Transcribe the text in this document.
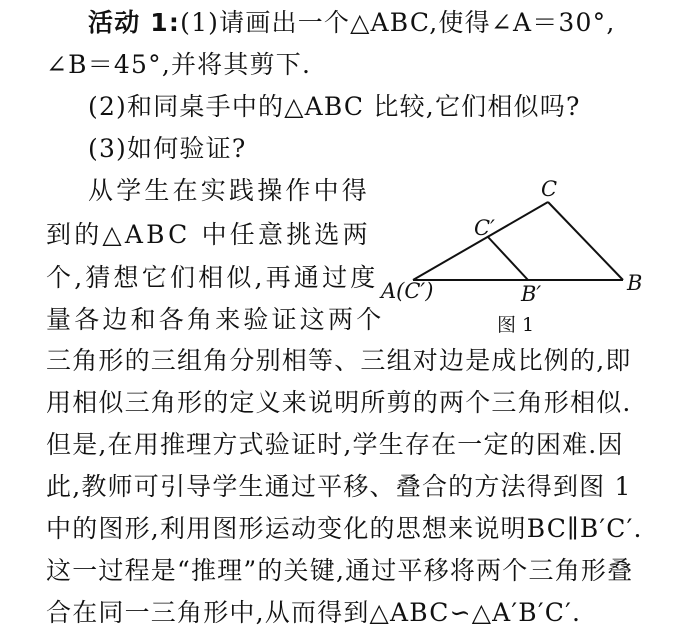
活动 1:(1)请画出一个△ABC,使得∠A＝30°,
∠B＝45°,并将其剪下.
(2)和同桌手中的△ABC 比较,它们相似吗?
(3)如何验证?
从学生在实践操作中得
到的△ABC 中任意挑选两
个,猜想它们相似,再通过度
量各边和各角来验证这两个
三角形的三组角分别相等、三组对边是成比例的,即
用相似三角形的定义来说明所剪的两个三角形相似.
但是,在用推理方式验证时,学生存在一定的困难.因
此,教师可引导学生通过平移、叠合的方法得到图 1
中的图形,利用图形运动变化的思想来说明BC∥B′C′.
这一过程是“推理”的关键,通过平移将两个三角形叠
合在同一三角形中,从而得到△ABC∽△A′B′C′.
C
C′
A(C′)	B′	B
图 1
